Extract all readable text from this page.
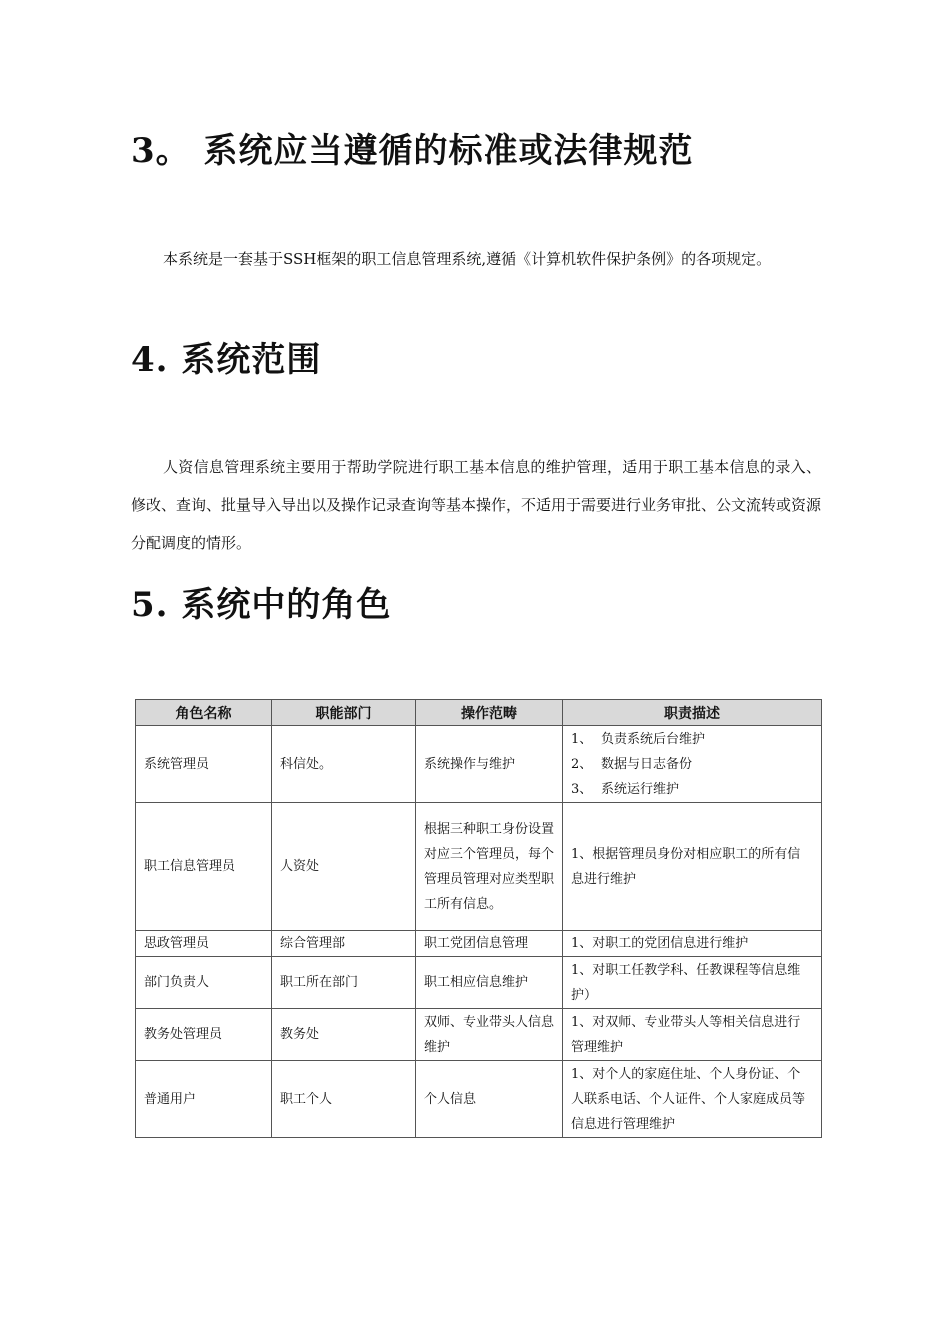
3。 系统应当遵循的标准或法律规范

本系统是一套基于SSH框架的职工信息管理系统,遵循《计算机软件保护条例》的各项规定。

4. 系统范围

人资信息管理系统主要用于帮助学院进行职工基本信息的维护管理，适用于职工基本信息的录入、修改、查询、批量导入导出以及操作记录查询等基本操作，不适用于需要进行业务审批、公文流转或资源分配调度的情形。

5. 系统中的角色
角色名称	职能部门	操作范畴	职责描述
系统管理员	科信处。	系统操作与维护	1、 负责系统后台维护
2、 数据与日志备份
3、 系统运行维护

职工信息管理员	人资处	根据三种职工身份设置对应三个管理员，每个管理员管理对应类型职工所有信息。	1、根据管理员身份对相应职工的所有信息进行维护
思政管理员	综合管理部	职工党团信息管理	1、对职工的党团信息进行维护
部门负责人	职工所在部门	职工相应信息维护	1、对职工任教学科、任教课程等信息维护）
教务处管理员	教务处	双师、专业带头人信息维护	1、对双师、专业带头人等相关信息进行管理维护
普通用户	职工个人	个人信息	1、对个人的家庭住址、个人身份证、个人联系电话、个人证件、个人家庭成员等信息进行管理维护
